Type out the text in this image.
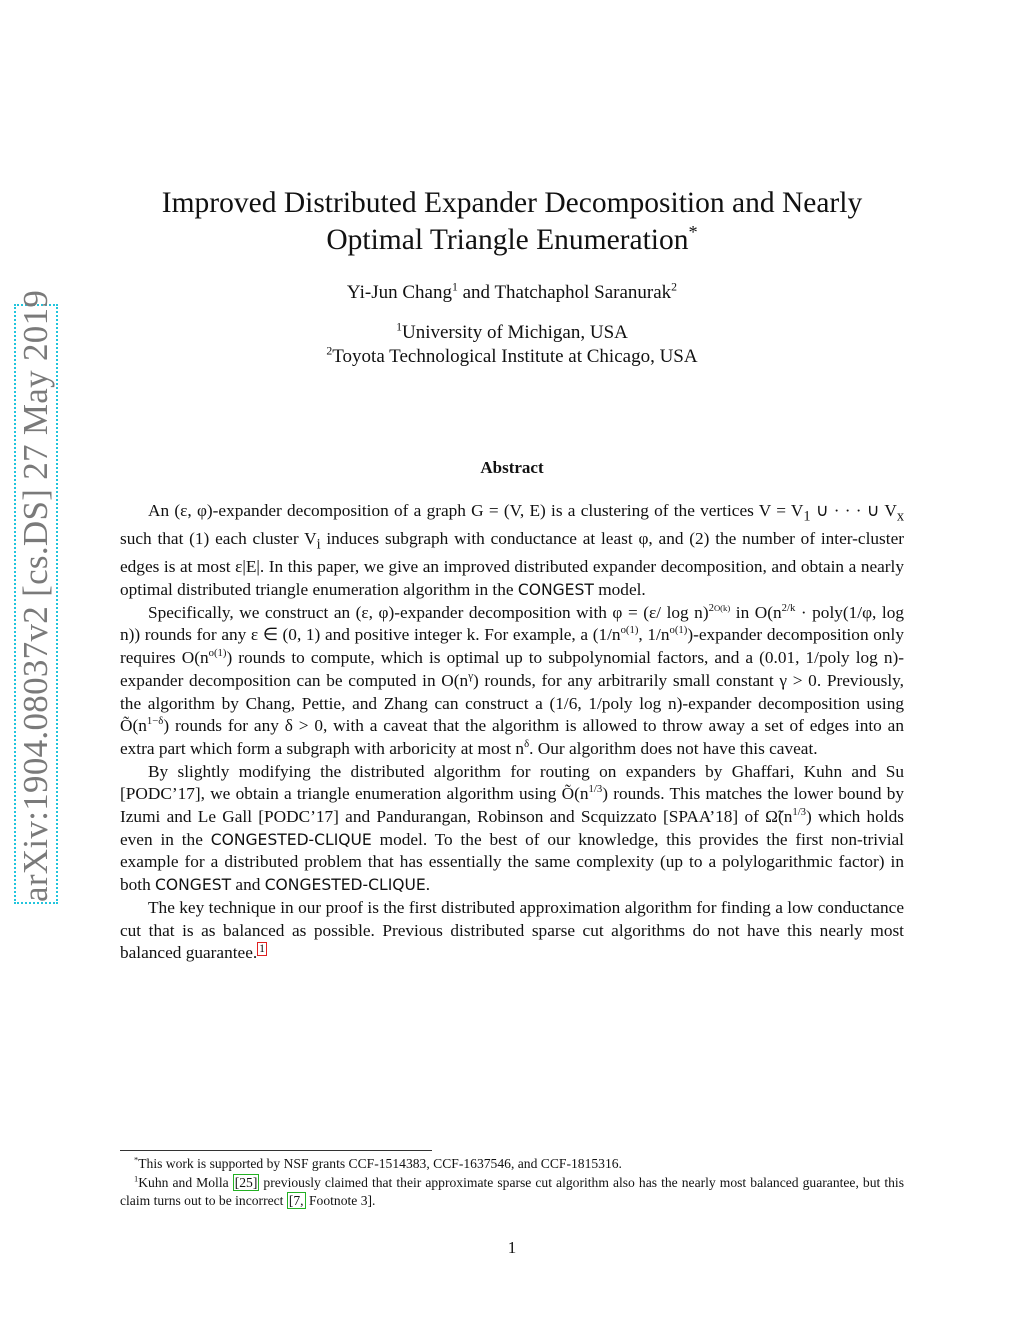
arXiv:1904.08037v2 [cs.DS] 27 May 2019
Improved Distributed Expander Decomposition and Nearly
Optimal Triangle Enumeration*
Yi-Jun Chang$^1$ and Thatchaphol Saranurak$^2$
$^1$University of Michigan, USA
$^2$Toyota Technological Institute at Chicago, USA
Abstract

An (ε, φ)-expander decomposition of a graph G = (V, E) is a clustering of the vertices $V = V_1$ ∪ · · · ∪ $V_x$ such that (1) each cluster $V_i$ induces subgraph with conductance at least φ, and (2) the number of inter-cluster edges is at most ε|E|. In this paper, we give an improved distributed expander decomposition, and obtain a nearly optimal distributed triangle enumeration algorithm in the CONGEST model.

Specifically, we construct an (ε, φ)-expander decomposition with φ = (ε/ log n)$^{2O(k)}$ in $O(n^{2/k}$ · poly(1/φ, log n)) rounds for any ε ∈ (0, 1) and positive integer k. For example, a ($1/n^{o(1)}$, $1/n^{o(1)}$)-expander decomposition only requires $O(n^{o(1)})$ rounds to compute, which is optimal up to subpolynomial factors, and a (0.01, 1/poly log n)-expander decomposition can be computed in $O(n^\gamma)$ rounds, for any arbitrarily small constant γ > 0. Previously, the algorithm by Chang, Pettie, and Zhang can construct a (1/6, 1/poly log n)-expander decomposition using $Õ(n^{1-\delta})$ rounds for any δ > 0, with a caveat that the algorithm is allowed to throw away a set of edges into an extra part which form a subgraph with arboricity at most $n^\delta$. Our algorithm does not have this caveat.

By slightly modifying the distributed algorithm for routing on expanders by Ghaffari, Kuhn and Su [PODC’17], we obtain a triangle enumeration algorithm using $Õ(n^{1/3})$ rounds. This matches the lower bound by Izumi and Le Gall [PODC’17] and Pandurangan, Robinson and Scquizzato [SPAA’18] of $\Omegã(n^{1/3})$ which holds even in the CONGESTED-CLIQUE model. To the best of our knowledge, this provides the first non-trivial example for a distributed problem that has essentially the same complexity (up to a polylogarithmic factor) in both CONGEST and CONGESTED-CLIQUE.

The key technique in our proof is the first distributed approximation algorithm for finding a low conductance cut that is as balanced as possible. Previous distributed sparse cut algorithms do not have this nearly most balanced guarantee. $^1$

*This work is supported by NSF grants CCF-1514383, CCF-1637546, and CCF-1815316.

$^1$Kuhn and Molla [25] previously claimed that their approximate sparse cut algorithm also has the nearly most balanced guarantee, but this claim turns out to be incorrect [7, Footnote 3].

1
